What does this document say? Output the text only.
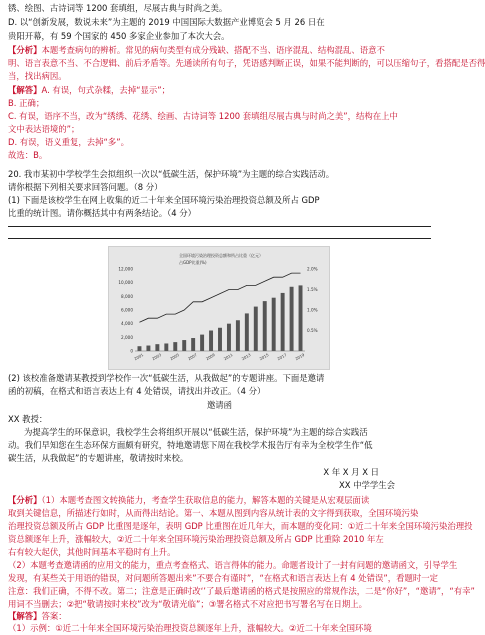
锈、绘图、古诗词等 1200 套填组，尽展古典与时尚之美。
D. 以“创新发展，数说未来”为主题的 2019 中国国际大数据产业博览会 5 月 26 日在
贵阳开幕，有 59 个国家的 450 多家企业参加了本次大会。
【分析】本题考查病句的辨析。常见的病句类型有成分残缺、搭配不当、语序混乱、结构混乱、语意不
明、语言表意不当、不合逻辑、前后矛盾等。先通读所有句子，凭语感判断正误，如果不能判断的，可以压缩句子，看搭配是否得
当，找出病因。
【解答】A. 有误，句式杂糅，去掉“显示”；
B. 正确；
C. 有误，语序不当，改为“绣绣、花绣、绘画、古诗词等 1200 套填组尽展古典与时尚之美”，结构在上中
文中表达语境的”；
D. 有误，语义重复，去掉“多”。
故选：B。
20. 我市某初中学校学生会拟组织一次以“低碳生活，保护环境”为主题的综合实践活动。
请你根据下列相关要求回答问题。（8 分）
(1) 下面是该校学生在网上收集的近二十年来全国环境污染治理投资总额及所占 GDP
比重的统计图。请你概括其中有两条结论。（4 分）
全国环境污染治理投资总额和所占比重（亿元）
占GDP比重(%)
0
2,000
4,000
6,000
8,000
10,000
12,000
0.5%
1.0%
1.5%
2.0%
2001 2003 2005 2007 2009 2011 2013 2015 2017 2019
(2) 该校准备邀请某教授到学校作一次“低碳生活，从我做起”的专题讲座。下面是邀请
函的初稿，在格式和语言表达上有 4 处错误，请找出并改正。（4 分）
邀请函
XX 教授：
为提高学生的环保意识，我校学生会将组织开展以“低碳生活，保护环境”为主题的综合实践活
动。我们早知您在生态环保方面颇有研究，特地邀请您下周在我校学术报告厅有幸为全校学生作“低
碳生活，从我做起”的专题讲座，敬请按时来校。
X 年 X 月 X 日
XX 中学学生会
【分析】（1）本题考查图文转换能力，考查学生获取信息的能力，解答本题的关键是从宏观层面读
取到关键信息，所描述行如时，从而得出结论。第一、本题从图到内容从统计表的文字得到获取，全国环境污染
治理投资总额及所占 GDP 比重图是逐年，表明 GDP 比重图在近几年大，而本题的变化同：①近二十年来全国环境污染治理投
资总额逐年上升，涨幅较大，②近二十年来全国环境污染治理投资总额及所占 GDP 比重除 2010 年左
右有较大起伏，其他时间基本平稳时有上升。
（2）本题考查邀请函的应用文的能力，重点考查格式、语言得体的能力。命题者设计了一封有问题的邀请函文，引导学生
发现，有某些关于用语的错误，对问题所答题出来”不要合有谨时”，“在格式和语言表达上有 4 处错误”，看题时一定
注意：我们正确，不得不改。第二；注意是正确时改‘’了最后邀请函的格式是按照应的常规作法，二是“你好”，“邀请”，“有幸”
用词不当删去；②把“敬请按时来校”改为“敬请光临”；③署名格式不对应把书写署名写在日期上。
【解答】答案：
（1）示例：①近二十年来全国环境污染治理投资总额逐年上升，涨幅较大。②近二十年来全国环境
